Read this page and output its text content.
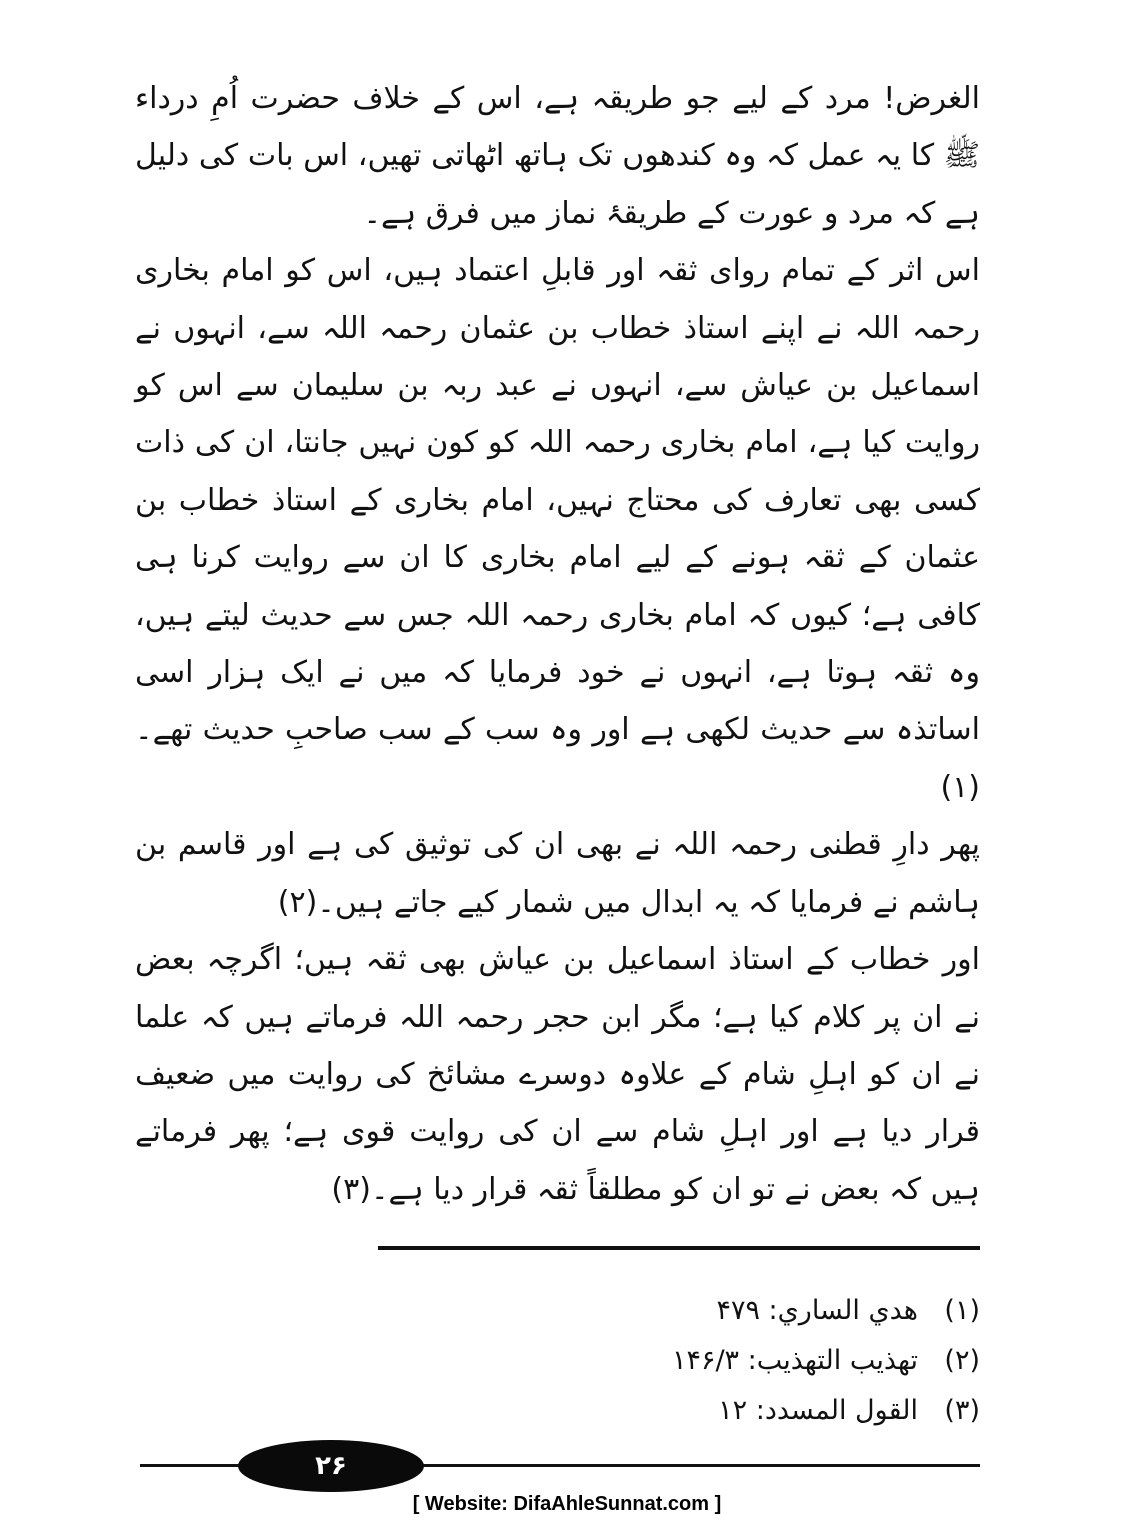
الغرض! مرد کے لیے جو طریقہ ہے، اس کے خلاف حضرت اُمِ درداء ﷺ کا یہ عمل کہ وہ کندھوں تک ہاتھ اٹھاتی تھیں، اس بات کی دلیل ہے کہ مرد و عورت کے طریقۂ نماز میں فرق ہے۔

اس اثر کے تمام روای ثقہ اور قابلِ اعتماد ہیں، اس کو امام بخاری رحمہ اللہ نے اپنے استاذ خطاب بن عثمان رحمہ اللہ سے، انہوں نے اسماعیل بن عیاش سے، انہوں نے عبد ربہ بن سلیمان سے اس کو روایت کیا ہے، امام بخاری رحمہ اللہ کو کون نہیں جانتا، ان کی ذات کسی بھی تعارف کی محتاج نہیں، امام بخاری کے استاذ خطاب بن عثمان کے ثقہ ہونے کے لیے امام بخاری کا ان سے روایت کرنا ہی کافی ہے؛ کیوں کہ امام بخاری رحمہ اللہ جس سے حدیث لیتے ہیں، وہ ثقہ ہوتا ہے، انہوں نے خود فرمایا کہ میں نے ایک ہزار اسی اساتذہ سے حدیث لکھی ہے اور وہ سب کے سب صاحبِ حدیث تھے۔(۱)

پھر دارِ قطنی رحمہ اللہ نے بھی ان کی توثیق کی ہے اور قاسم بن ہاشم نے فرمایا کہ یہ ابدال میں شمار کیے جاتے ہیں۔(۲)

اور خطاب کے استاذ اسماعیل بن عیاش بھی ثقہ ہیں؛ اگرچہ بعض نے ان پر کلام کیا ہے؛ مگر ابن حجر رحمہ اللہ فرماتے ہیں کہ علما نے ان کو اہلِ شام کے علاوہ دوسرے مشائخ کی روایت میں ضعیف قرار دیا ہے اور اہلِ شام سے ان کی روایت قوی ہے؛ پھر فرماتے ہیں کہ بعض نے تو ان کو مطلقاً ثقہ قرار دیا ہے۔(۳)

(۱)
هدي الساري: ۴۷۹

(۲)
تهذيب التهذيب: ۱۴۶/۳

(۳)
القول المسدد: ۱۲

۲۶
[ Website: DifaAhleSunnat.com ]
